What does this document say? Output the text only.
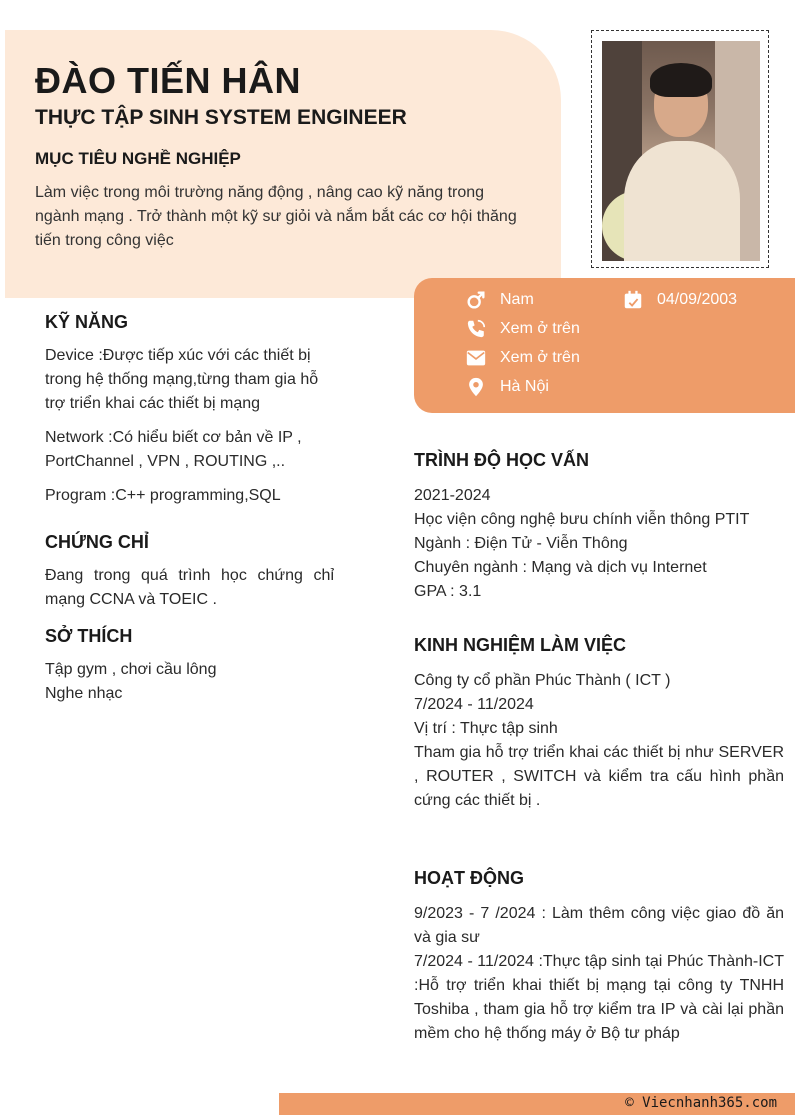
ĐÀO TIẾN HÂN
THỰC TẬP SINH SYSTEM ENGINEER
MỤC TIÊU NGHỀ NGHIỆP

Làm việc trong môi trường năng động , nâng cao kỹ năng trong ngành mạng . Trở thành một kỹ sư giỏi và nắm bắt các cơ hội thăng tiến trong công việc

Nam	04/09/2003
Xem ở trên
Xem ở trên
Hà Nội
KỸ NĂNG

Device :Được tiếp xúc với các thiết bị trong hệ thống mạng,từng tham gia hỗ trợ triển khai các thiết bị mạng

Network :Có hiểu biết cơ bản về IP , PortChannel , VPN , ROUTING ,..

Program :C++ programming,SQL

CHỨNG CHỈ

Đang trong quá trình học chứng chỉ mạng CCNA và TOEIC .

SỞ THÍCH

Tập gym , chơi cầu lông

Nghe nhạc

TRÌNH ĐỘ HỌC VẤN

2021-2024

Học viện công nghệ bưu chính viễn thông PTIT

Ngành : Điện Tử - Viễn Thông

Chuyên ngành : Mạng và dịch vụ Internet

GPA : 3.1

KINH NGHIỆM LÀM VIỆC

Công ty cổ phần Phúc Thành ( ICT )

7/2024 - 11/2024

Vị trí : Thực tập sinh

Tham gia hỗ trợ triển khai các thiết bị như SERVER , ROUTER , SWITCH và kiểm tra cấu hình phần cứng các thiết bị .

HOẠT ĐỘNG

9/2023 - 7 /2024 : Làm thêm công việc giao đồ ăn và gia sư

7/2024 - 11/2024 :Thực tập sinh tại Phúc Thành-ICT :Hỗ trợ triển khai thiết bị mạng tại công ty TNHH Toshiba , tham gia hỗ trợ kiểm tra IP và cài lại phần mềm cho hệ thống máy ở Bộ tư pháp

© Viecnhanh365.com
